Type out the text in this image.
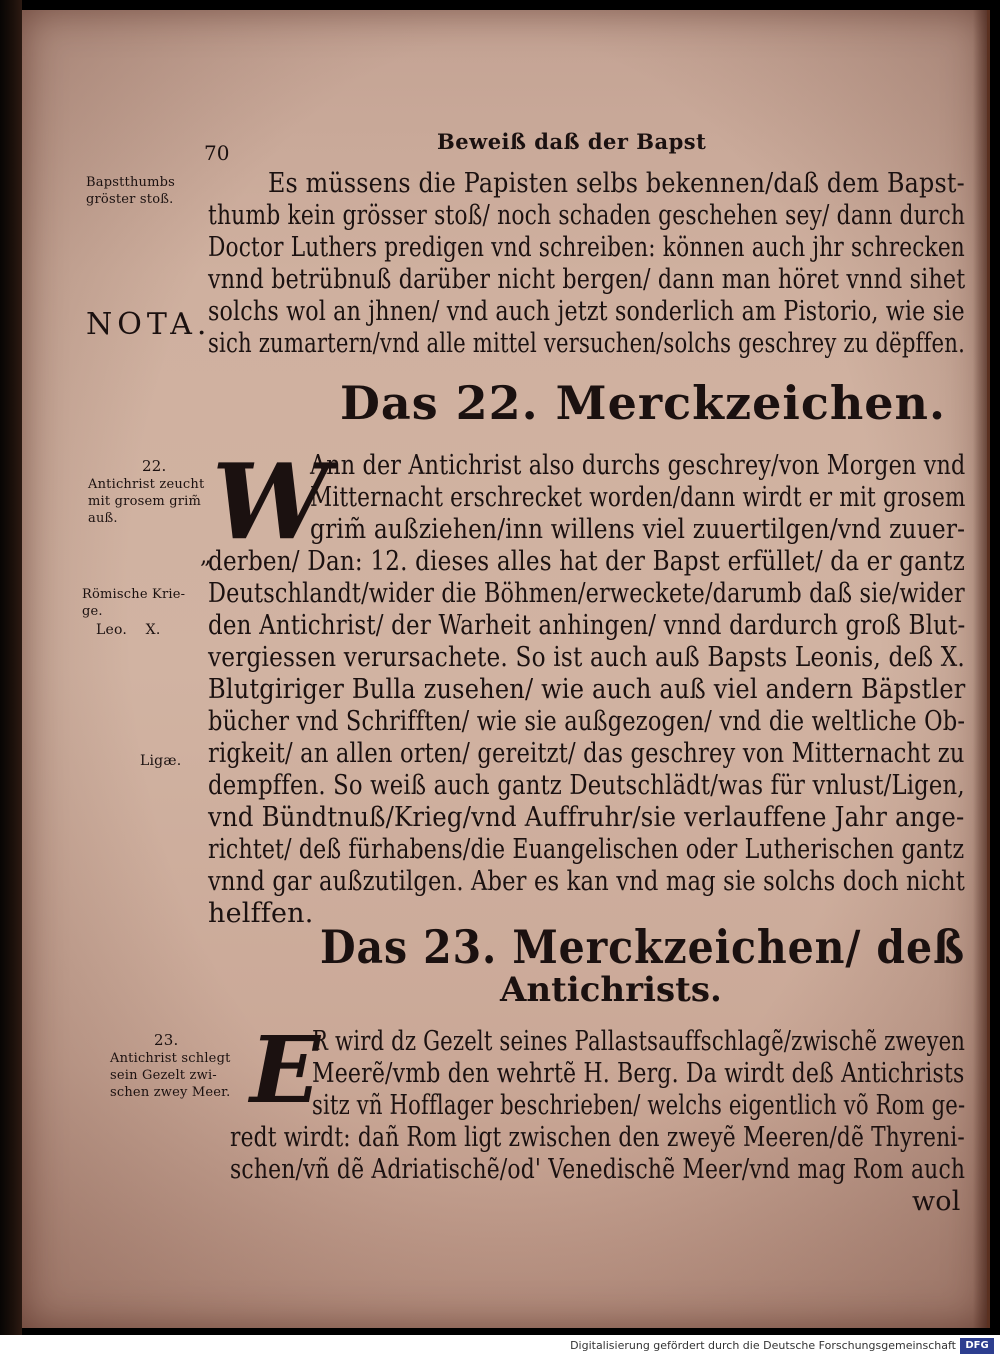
70	Beweiß daß der Bapst
Bapstthumbs
gröster stoß.
NOTA.
22.
Antichrist zeucht
mit grosem grim̃
auß.
„
Römische Krie-
ge.
Leo. X.
Ligæ.
23.
Antichrist schlegt
sein Gezelt zwi-
schen zwey Meer.
Es müssens die Papisten selbs bekennen/daß dem Bapst-
thumb kein grösser stoß/ noch schaden geschehen sey/ dann durch
Doctor Luthers predigen vnd schreiben: können auch jhr schrecken
vnnd betrübnuß darüber nicht bergen/ dann man höret vnnd sihet
solchs wol an jhnen/ vnd auch jetzt sonderlich am Pistorio, wie sie
sich zumartern/vnd alle mittel versuchen/solchs geschrey zu dëpffen.
Das 22. Merckzeichen.
W
Ann der Antichrist also durchs geschrey/von Morgen vnd
Mitternacht erschrecket worden/dann wirdt er mit grosem
grim̃ außziehen/inn willens viel zuuertilgen/vnd zuuer-
derben/ Dan: 12. dieses alles hat der Bapst erfüllet/ da er gantz
Deutschlandt/wider die Böhmen/erweckete/darumb daß sie/wider
den Antichrist/ der Warheit anhingen/ vnnd dardurch groß Blut-
vergiessen verursachete. So ist auch auß Bapsts Leonis, deß X.
Blutgiriger Bulla zusehen/ wie auch auß viel andern Bäpstler
bücher vnd Schrifften/ wie sie außgezogen/ vnd die weltliche Ob-
rigkeit/ an allen orten/ gereitzt/ das geschrey von Mitternacht zu
dempffen. So weiß auch gantz Deutschlädt/was für vnlust/Ligen,
vnd Bündtnuß/Krieg/vnd Auffruhr/sie verlauffene Jahr ange-
richtet/ deß fürhabens/die Euangelischen oder Lutherischen gantz
vnnd gar außzutilgen. Aber es kan vnd mag sie solchs doch nicht
helffen.
Das 23. Merckzeichen/ deß
Antichrists.
E
R wird dz Gezelt seines Pallastsauffschlagẽ/zwischẽ zweyen
Meerẽ/vmb den wehrtẽ H. Berg. Da wirdt deß Antichrists
sitz vñ Hofflager beschrieben/ welchs eigentlich võ Rom ge-
redt wirdt: dañ Rom ligt zwischen den zweyẽ Meeren/dẽ Thyreni-
schen/vñ dẽ Adriatischẽ/od' Venedischẽ Meer/vnd mag Rom auch
wol
Digitalisierung gefördert durch die Deutsche Forschungsgemeinschaft DFG
